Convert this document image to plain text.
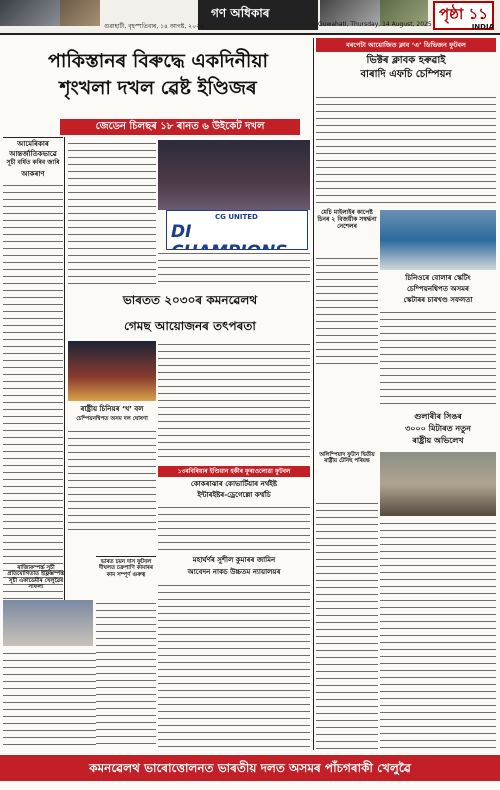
গণ অধিকাৰ
গুৱাহাটী, বৃহস্পতিবাৰ, ১৪ আগষ্ট, ২০২৫	Guwahati, Thursday, 14 August, 2025
পৃষ্ঠা ১১
INDIA
পাকিস্তানৰ বিৰুদ্ধে একদিনীয়া
শৃংখলা দখল ৱেষ্ট ইণ্ডিজৰ
জেডেন চিলছৰ ১৮ ৰানত ৬ উইকেট দখল
আমেৰিকাৰ
আন্তৰ্জাতিকভাৱে
সূচী বৰ্ধিত কৰিব জাৰি
আকৰাণ
CG UNITED
DI
ভাৰতত ২০৩০ৰ কমনৱেলথ
গেমছ আয়োজনৰ তৎপৰতা
ৰাষ্ট্ৰীয় চিনিয়ৰ ‘খ’ বল
চেম্পিয়নশ্বিপত অসম দল ঘোষণা
ৰাজ্যিকস্পৰ্চ্চ সূচী প্ৰতিযোগিতাত ইফ্লিক্সস্পৰ্চ্চ সূচী একাডেমীৰ খেলুৱৈৰ সাফল্য
ভাৰত চয়ন দাস ফুটবল দীঘলত চক্ৰপাণি কামাৰৰ কাম সম্পূৰ্ণ গুৰুত্ব
১৩ৰবিৰিয়াৰ ইণ্ডিয়ান হকীৰ ফুৰাওলোৱা ফুটবল
কোকৰাঝাৰ কোভাৰ্টিয়াৰ নৰ্থইষ্ট
ইন্টাৰইষ্টৰ-ড্ৰেগেল্লো কৰ্ম্মচি
মহাৰ্ঘৰ্ণৰ সুশীল কুমাৰৰ জামিন
আবেদন নাকচ উচ্চতম ন্যায়ালয়ৰ
বৰপেটা আয়োজিত ক্লাব ‘এ’ ডিভিজন ফুটবল
ভিক্টৰ ক্লাবক হৰুৱাই
বাৰাদি এফচি চেম্পিয়ন
মেচি মাইলাইৰ কাপেষ্ট চিনৰ ২ বিজয়ীক সম্বৰ্দ্ধনা নেশেলৰ
চিনিওৰে বোলাৰ স্কেটিং
চেম্পিয়নশ্বিপত অসমৰ
স্কেটাৰৰ চাৰখণ্ড সফলতা
গুলাৰীৰ সিঙৰ
৩০০০ মিটাৰত নতুন
ৰাষ্ট্ৰীয় অভিলেখ
অলিম্পিয়াদ ফুটান দ্বিতীয় ৰাষ্ট্ৰীয় টেনিছ পৰিয়ন্ত
কমনৱেলথ ভাৰোত্তোলনত ভাৰতীয় দলত অসমৰ পাঁচগৰাকী খেলুৱৈ
